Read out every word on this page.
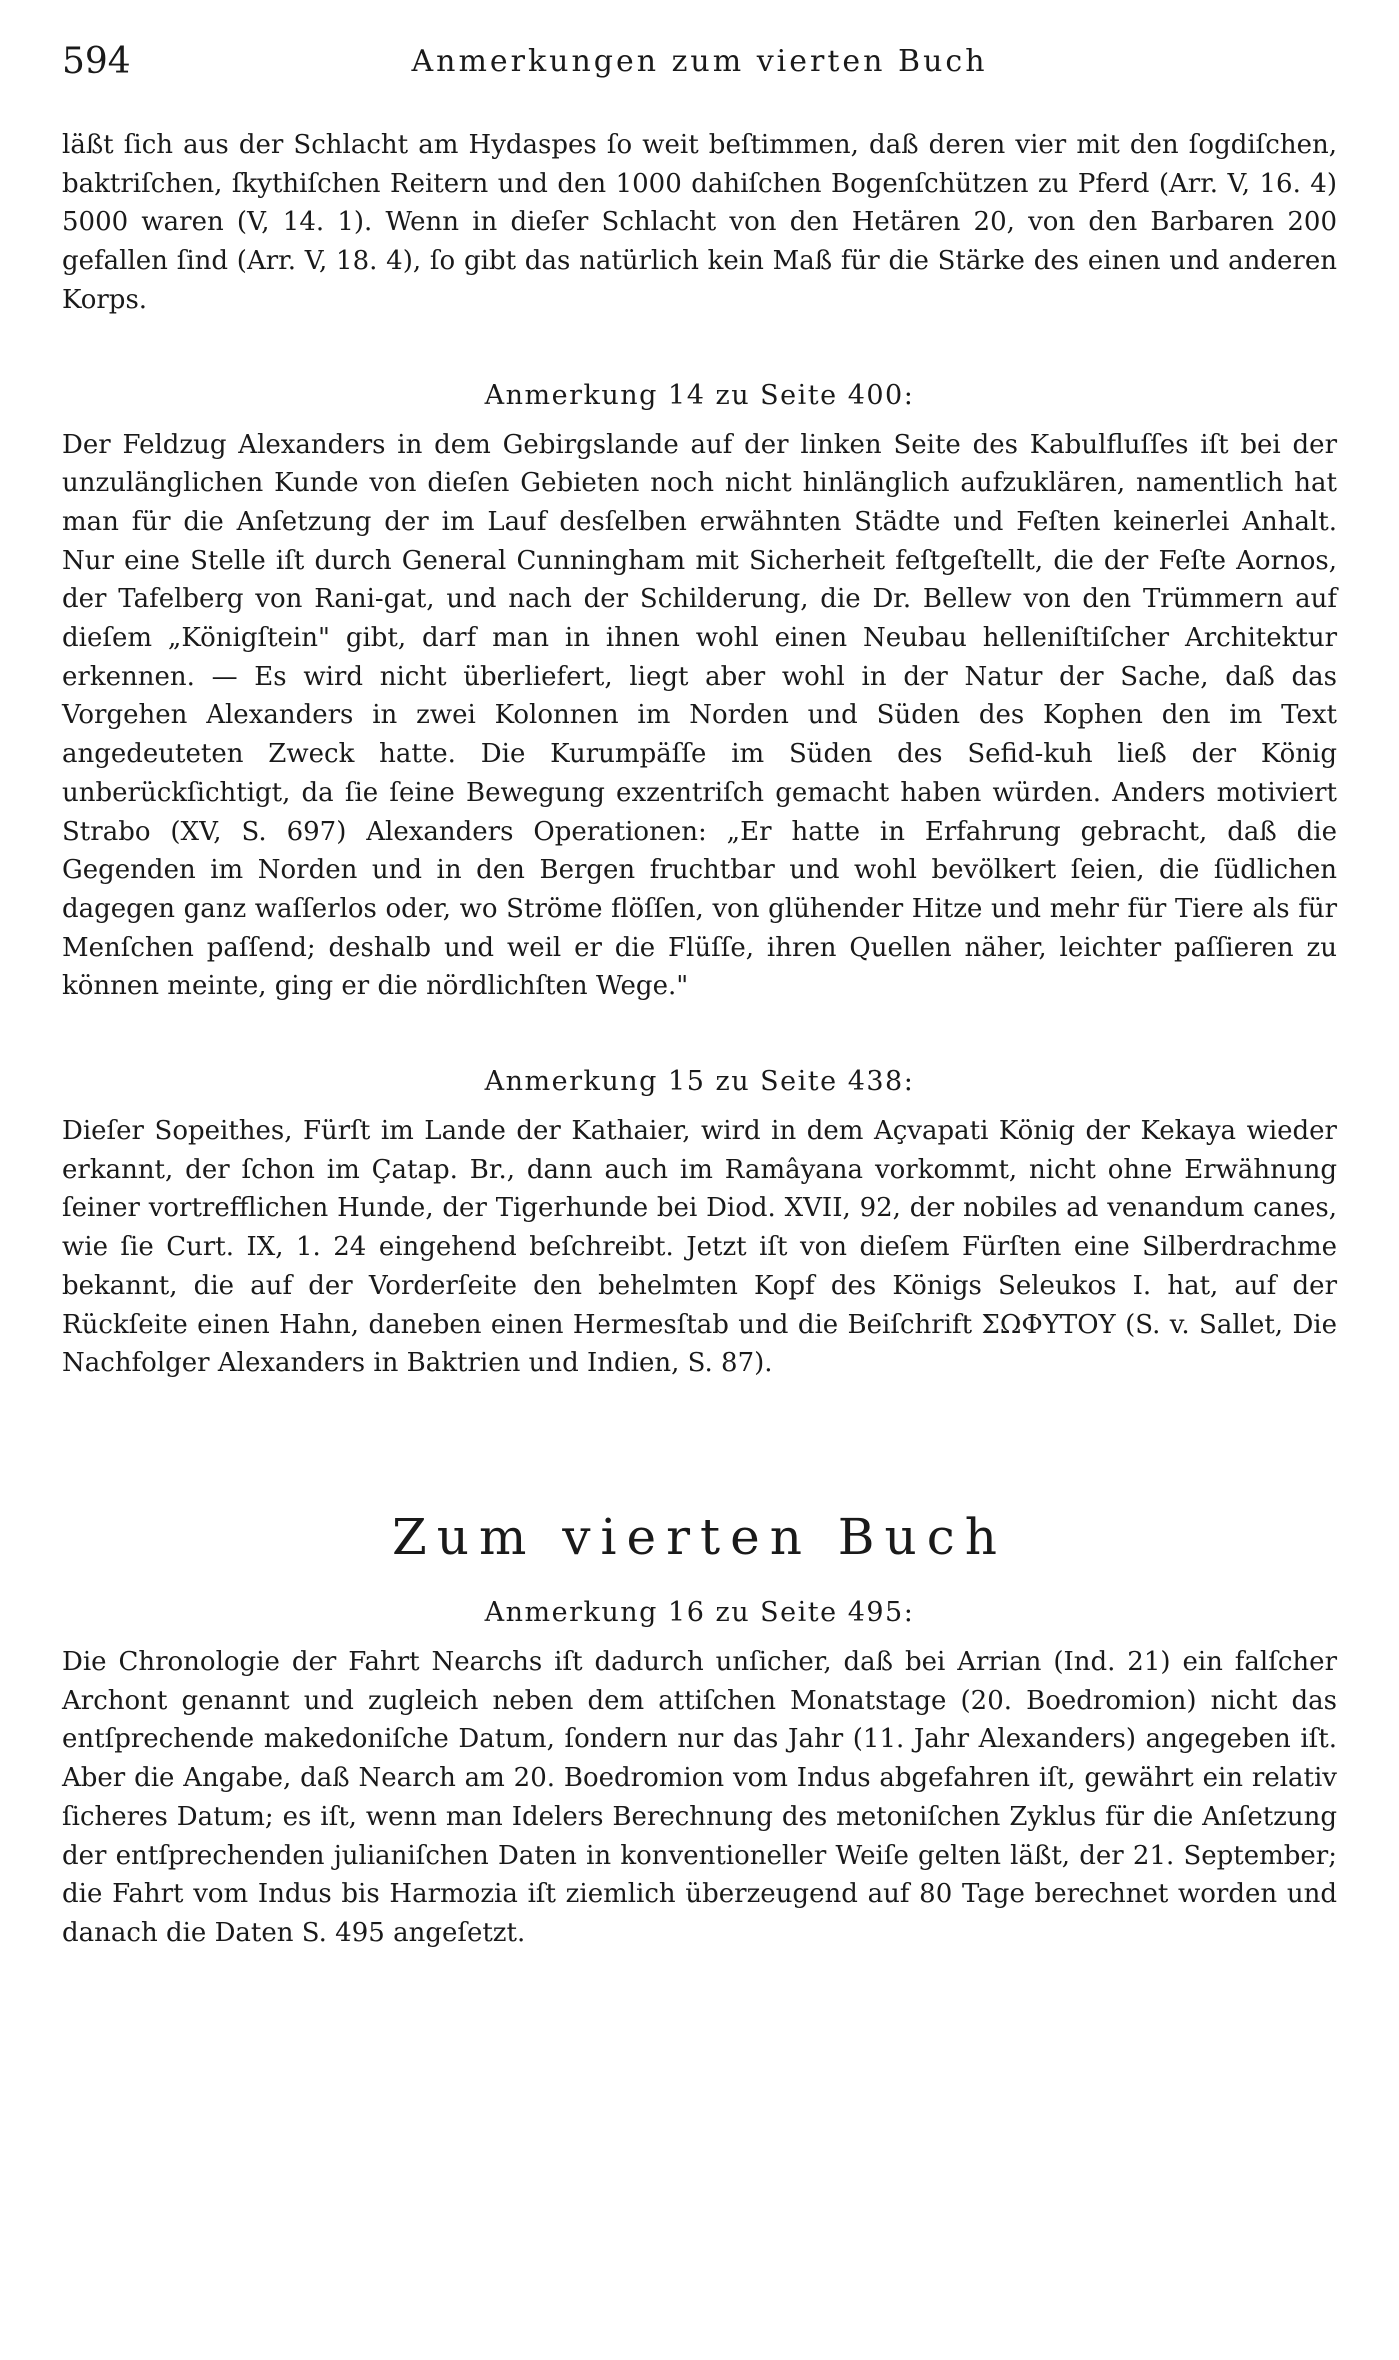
594	Anmerkungen zum vierten Buch

läßt ſich aus der Schlacht am Hydaspes ſo weit beſtimmen, daß deren vier mit den ſogdiſchen, baktriſchen, ſkythiſchen Reitern und den 1000 dahiſchen Bogenſchützen zu Pferd (Arr. V, 16. 4) 5000 waren (V, 14. 1). Wenn in dieſer Schlacht von den Hetären 20, von den Barbaren 200 gefallen ſind (Arr. V, 18. 4), ſo gibt das natürlich kein Maß für die Stärke des einen und anderen Korps.

Anmerkung 14 zu Seite 400:

Der Feldzug Alexanders in dem Gebirgslande auf der linken Seite des Kabulfluſſes iſt bei der unzulänglichen Kunde von dieſen Gebieten noch nicht hinlänglich aufzuklären, namentlich hat man für die Anſetzung der im Lauf desſelben erwähnten Städte und Feſten keinerlei Anhalt. Nur eine Stelle iſt durch General Cunningham mit Sicherheit feſtgeſtellt, die der Feſte Aornos, der Tafelberg von Rani-gat, und nach der Schilderung, die Dr. Bellew von den Trümmern auf dieſem „Königſtein" gibt, darf man in ihnen wohl einen Neubau helleniſtiſcher Architektur erkennen. — Es wird nicht überliefert, liegt aber wohl in der Natur der Sache, daß das Vorgehen Alexanders in zwei Kolonnen im Norden und Süden des Kophen den im Text angedeuteten Zweck hatte. Die Kurumpäſſe im Süden des Sefid-kuh ließ der König unberückſichtigt, da ſie ſeine Bewegung exzentriſch gemacht haben würden. Anders motiviert Strabo (XV, S. 697) Alexanders Operationen: „Er hatte in Erfahrung gebracht, daß die Gegenden im Norden und in den Bergen fruchtbar und wohl bevölkert ſeien, die ſüdlichen dagegen ganz waſſerlos oder, wo Ströme flöſſen, von glühender Hitze und mehr für Tiere als für Menſchen paſſend; deshalb und weil er die Flüſſe, ihren Quellen näher, leichter paſſieren zu können meinte, ging er die nördlichſten Wege."

Anmerkung 15 zu Seite 438:

Dieſer Sopeithes, Fürſt im Lande der Kathaier, wird in dem Açvapati König der Kekaya wieder erkannt, der ſchon im Çatap. Br., dann auch im Ramâyana vorkommt, nicht ohne Erwähnung ſeiner vortrefflichen Hunde, der Tigerhunde bei Diod. XVII, 92, der nobiles ad venandum canes, wie ſie Curt. IX, 1. 24 eingehend beſchreibt. Jetzt iſt von dieſem Fürſten eine Silberdrachme bekannt, die auf der Vorderſeite den behelmten Kopf des Königs Seleukos I. hat, auf der Rückſeite einen Hahn, daneben einen Hermesſtab und die Beiſchrift ΣΩΦΥΤΟΥ (S. v. Sallet, Die Nachfolger Alexanders in Baktrien und Indien, S. 87).

Zum vierten Buch
Anmerkung 16 zu Seite 495:

Die Chronologie der Fahrt Nearchs iſt dadurch unſicher, daß bei Arrian (Ind. 21) ein falſcher Archont genannt und zugleich neben dem attiſchen Monatstage (20. Boedromion) nicht das entſprechende makedoniſche Datum, ſondern nur das Jahr (11. Jahr Alexanders) angegeben iſt. Aber die Angabe, daß Nearch am 20. Boedromion vom Indus abgefahren iſt, gewährt ein relativ ſicheres Datum; es iſt, wenn man Idelers Berechnung des metoniſchen Zyklus für die Anſetzung der entſprechenden julianiſchen Daten in konventioneller Weiſe gelten läßt, der 21. September; die Fahrt vom Indus bis Harmozia iſt ziemlich überzeugend auf 80 Tage berechnet worden und danach die Daten S. 495 angeſetzt.
